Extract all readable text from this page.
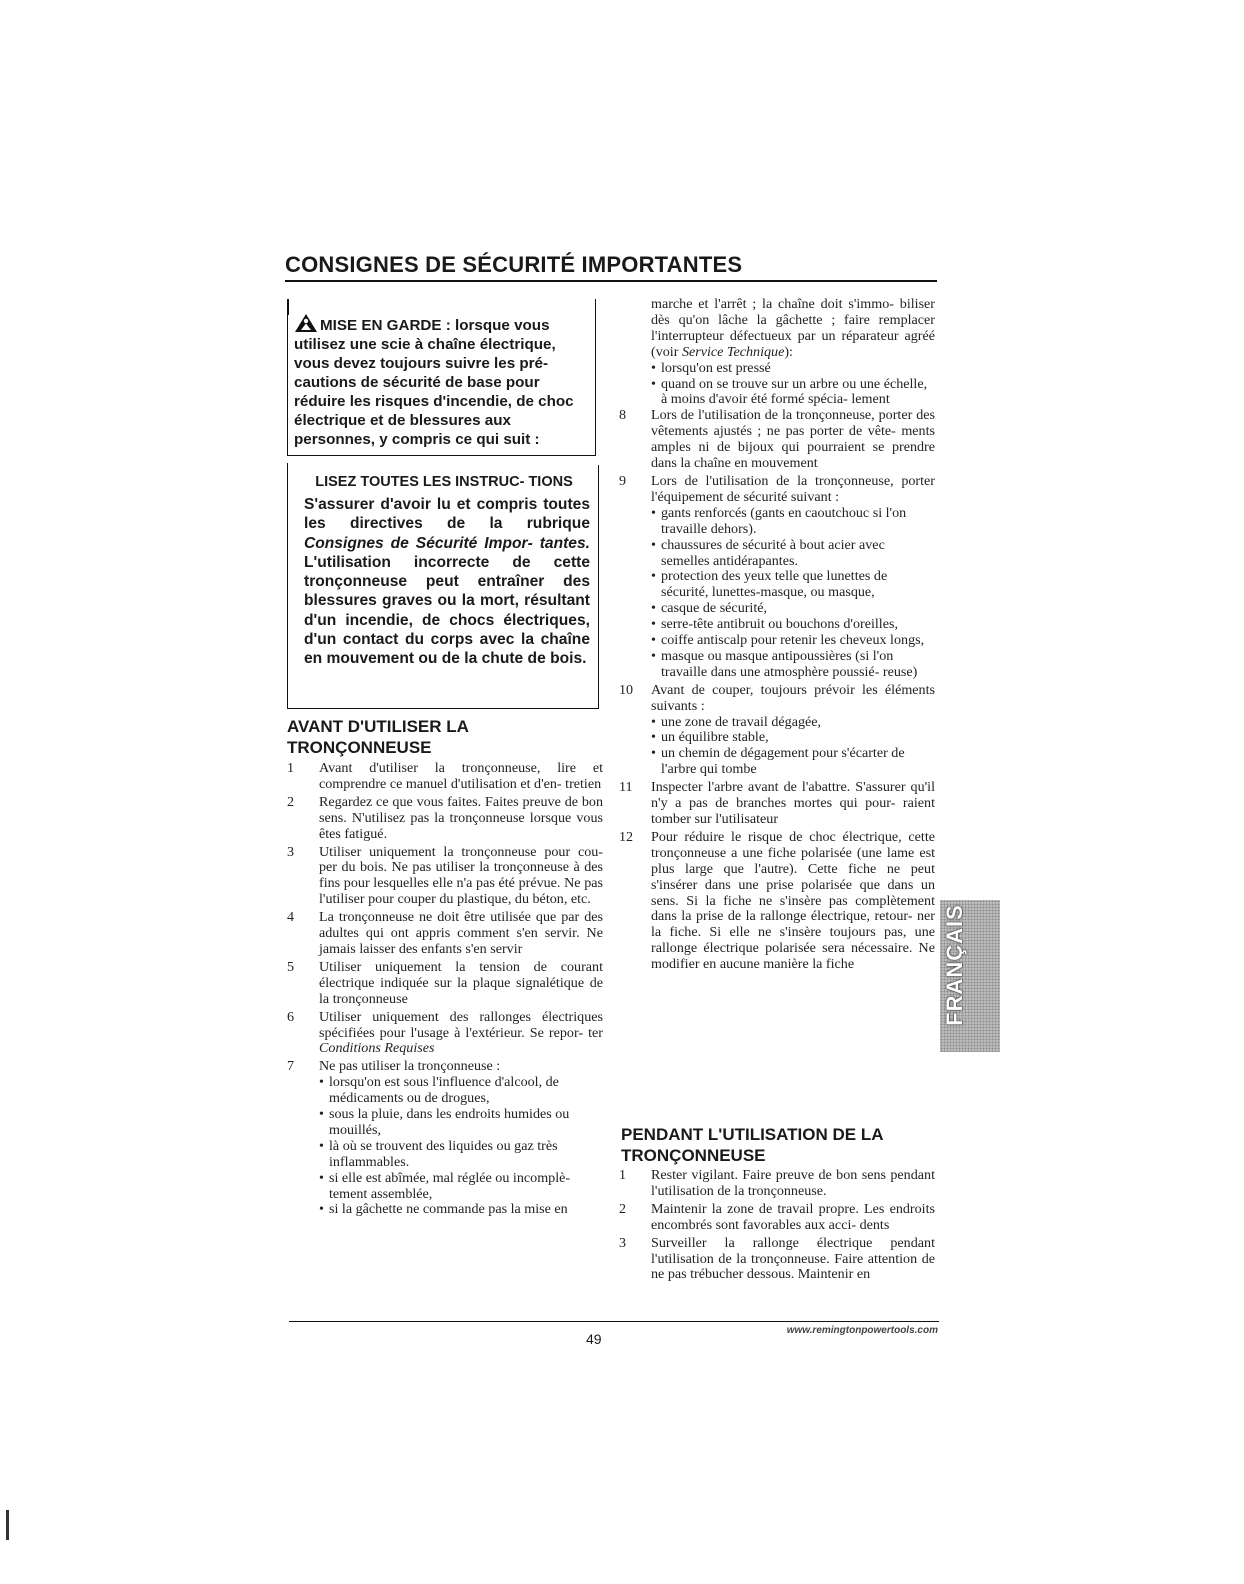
CONSIGNES DE SÉCURITÉ IMPORTANTES
MISE EN GARDE : lorsque vous utilisez une scie à chaîne électrique, vous devez toujours suivre les pré- cautions de sécurité de base pour réduire les risques d'incendie, de choc électrique et de blessures aux personnes, y compris ce qui suit :
LISEZ TOUTES LES INSTRUC- TIONS
S'assurer d'avoir lu et compris toutes les directives de la rubrique Consignes de Sécurité Impor- tantes. L'utilisation incorrecte de cette tronçonneuse peut entraîner des blessures graves ou la mort, résultant d'un incendie, de chocs électriques, d'un contact du corps avec la chaîne en mouvement ou de la chute de bois.
AVANT D'UTILISER LA
TRONÇONNEUSE
1 Avant d'utiliser la tronçonneuse, lire et comprendre ce manuel d'utilisation et d'en- tretien
2 Regardez ce que vous faites. Faites preuve de bon sens. N'utilisez pas la tronçonneuse lorsque vous êtes fatigué.
3 Utiliser uniquement la tronçonneuse pour cou- per du bois. Ne pas utiliser la tronçonneuse à des fins pour lesquelles elle n'a pas été prévue. Ne pas l'utiliser pour couper du plastique, du béton, etc.
4 La tronçonneuse ne doit être utilisée que par des adultes qui ont appris comment s'en servir. Ne jamais laisser des enfants s'en servir
5 Utiliser uniquement la tension de courant électrique indiquée sur la plaque signalétique de la tronçonneuse
6 Utiliser uniquement des rallonges électriques spécifiées pour l'usage à l'extérieur. Se repor- ter Conditions Requises
7 Ne pas utiliser la tronçonneuse :
• lorsqu'on est sous l'influence d'alcool, de médicaments ou de drogues,
• sous la pluie, dans les endroits humides ou mouillés,
• là où se trouvent des liquides ou gaz très inflammables.
• si elle est abîmée, mal réglée ou incomplè- tement assemblée,
• si la gâchette ne commande pas la mise en
marche et l'arrêt ; la chaîne doit s'immo- biliser dès qu'on lâche la gâchette ; faire remplacer l'interrupteur défectueux par un réparateur agréé (voir Service Technique):
• lorsqu'on est pressé
• quand on se trouve sur un arbre ou une échelle, à moins d'avoir été formé spécia- lement
8 Lors de l'utilisation de la tronçonneuse, porter des vêtements ajustés ; ne pas porter de vête- ments amples ni de bijoux qui pourraient se prendre dans la chaîne en mouvement
9 Lors de l'utilisation de la tronçonneuse, porter l'équipement de sécurité suivant :
• gants renforcés (gants en caoutchouc si l'on travaille dehors).
• chaussures de sécurité à bout acier avec semelles antidérapantes.
• protection des yeux telle que lunettes de sécurité, lunettes-masque, ou masque,
• casque de sécurité,
• serre-tête antibruit ou bouchons d'oreilles,
• coiffe antiscalp pour retenir les cheveux longs,
• masque ou masque antipoussières (si l'on travaille dans une atmosphère poussié- reuse)
10 Avant de couper, toujours prévoir les éléments suivants :
• une zone de travail dégagée,
• un équilibre stable,
• un chemin de dégagement pour s'écarter de l'arbre qui tombe
11 Inspecter l'arbre avant de l'abattre. S'assurer qu'il n'y a pas de branches mortes qui pour- raient tomber sur l'utilisateur
12 Pour réduire le risque de choc électrique, cette tronçonneuse a une fiche polarisée (une lame est plus large que l'autre). Cette fiche ne peut s'insérer dans une prise polarisée que dans un sens. Si la fiche ne s'insère pas complètement dans la prise de la rallonge électrique, retour- ner la fiche. Si elle ne s'insère toujours pas, une rallonge électrique polarisée sera nécessaire. Ne modifier en aucune manière la fiche
PENDANT L'UTILISATION DE LA
TRONÇONNEUSE
1 Rester vigilant. Faire preuve de bon sens pendant l'utilisation de la tronçonneuse.
2 Maintenir la zone de travail propre. Les endroits encombrés sont favorables aux acci- dents
3 Surveiller la rallonge électrique pendant l'utilisation de la tronçonneuse. Faire attention de ne pas trébucher dessous. Maintenir en
FRANÇAIS
49
www.remingtonpowertools.com
